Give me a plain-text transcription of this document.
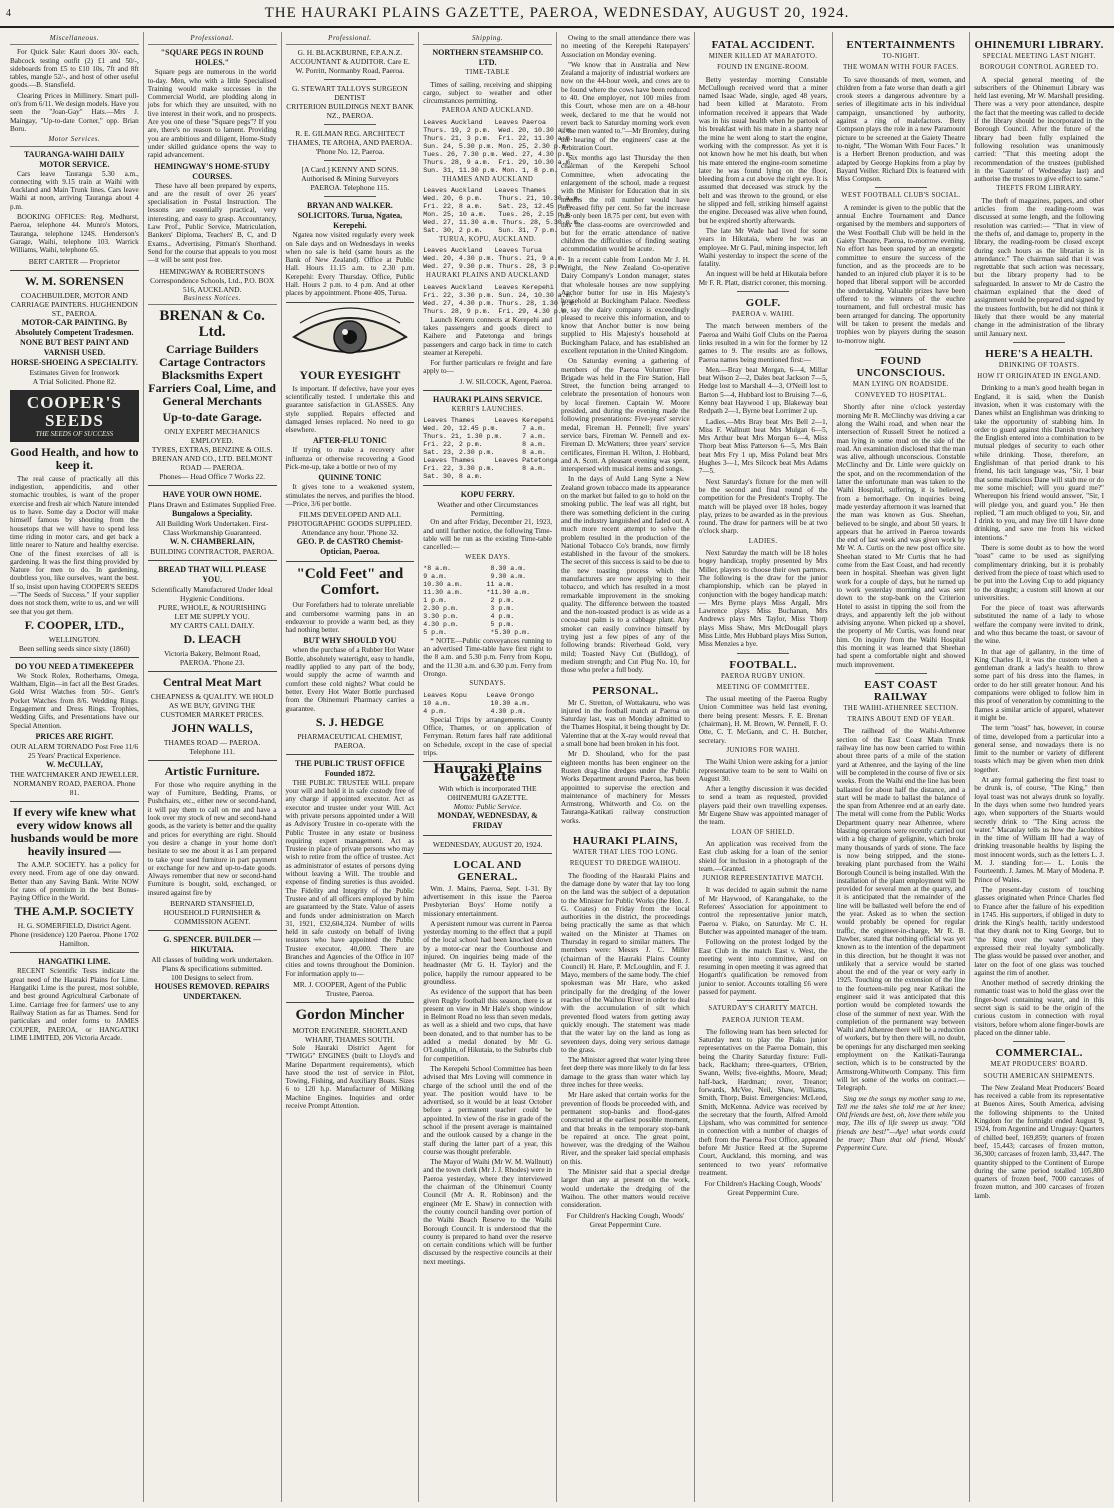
4	THE HAURAKI PLAINS GAZETTE, PAEROA, WEDNESDAY, AUGUST 20, 1924.
Miscellaneous.
For Quick Sale: Kauri doors 30/- each, Babcock testing outfit (2) £1 and 50/-, sideboards from £5 to £10 10s, 7ft and 8ft tables, mangle 52/-, and host of other useful goods.—B. Stansfield.
Clearing Prices in Millinery. Smart pull-on's from 6/11. We design models. Have you seen the "Joan-Gay" Hats.—Mrs J. Maingay, "Up-to-date Corner," opp. Brian Boru.
Motor Services.
TAURANGA-WAIHI DAILY MOTOR SERVICE.
Cars leave Tauranga 5.30 a.m., connecting with 9.15 train at Waihi with Auckland and Main Trunk lines. Cars leave Waihi at noon, arriving Tauranga about 4 p.m.
BOOKING OFFICES: Reg. Medhurst, Paeroa, telephone 44. Munro's Motors, Tauranga, telephone 124S. Henderson's Garage, Waihi, telephone 103. Warrick Williams, Waihi, telephone 65.
BERT CARTER — Proprietor
W. M. SORENSEN
COACHBUILDER, MOTOR AND CARRIAGE PAINTERS. HUGHENDON ST., PAEROA.
MOTOR-CAR PAINTING. By Absolutely Competent Tradesmen.
NONE BUT BEST PAINT AND VARNISH USED.
HORSE-SHOEING A SPECIALITY.
Estimates Given for Ironwork
A Trial Solicited. Phone 82.
COOPER'S
SEEDS
THE SEEDS OF SUCCESS
Good Health, and how to keep it.
The real cause of practically all this indigestion, appendicitis, and other stomachic troubles, is want of the proper exercise and fresh air which Nature intended us to have. Some day a Doctor will make himself famous by shouting from the housetops that we will have to spend less time riding in motor cars, and get back a little nearer to Nature and healthy exercise. One of the finest exercises of all is gardening. It was the first thing provided by Nature for men to do. In gardening, doubtless you, like ourselves, want the best. If so, insist upon having COOPER'S SEEDS—"The Seeds of Success." If your supplier does not stock them, write to us, and we will see that you get them.
F. COOPER, LTD.,
WELLINGTON.
Been selling seeds since sixty (1860)
DO YOU NEED A TIMEKEEPER
We Stock Rolex, Rotherhams, Omega, Waltham, Elgin—in fact all the Best Grades. Gold Wrist Watches from 50/-. Gent's Pocket Watches from 8/6. Wedding Rings. Engagement and Dress Rings. Trophies, Wedding Gifts, and Presentations have our Special Attention.
PRICES ARE RIGHT.
OUR ALARM TORNADO Post Free 11/6
25 Years' Practical Experience.
W. McCULLAY,
THE WATCHMAKER AND JEWELLER. NORMANBY ROAD, PAEROA. Phone 81.
If every wife knew what every widow knows all husbands would be more heavily insured —
The A.M.P. SOCIETY. has a policy for every need. From age of one day onward. Better than any Saving Bank. Write NOW for rates of premium in the best Bonus-Paying Office in the World.
THE A.M.P. SOCIETY
H. G. SOMERFIELD, District Agent.
Phone (residence) 120 Paeroa. Phone 1702 Hamilton.
HANGATIKI LIME.
RECENT Scientific Tests indicate the great need of the Hauraki Plains for Lime. Hangatiki Lime is the purest, most soluble, and best ground Agricultural Carbonate of Lime. Carriage free for farmers' use to any Railway Station as far as Thames. Send for particulars and order forms to JAMES COUPER, PAEROA, or HANGATIKI LIME LIMITED, 206 Victoria Arcade.
Professional.
"SQUARE PEGS IN ROUND HOLES."
Square pegs are numerous in the world to-day. Men, who with a little Specialised Training would make successes in the Commercial World, are plodding along in jobs for which they are unsuited, with no live interest in their work, and no prospects. Are you one of these "Square pegs"? If you are, there's no reason to lament. Providing you are ambitious and diligent, Home-Study under skilled guidance opens the way to rapid advancement.
HEMINGWAY'S HOME-STUDY COURSES.
These have all been prepared by experts, and are the result of over 26 years' specialisation in Postal Instruction. The lessons are essentially practical, very interesting, and easy to grasp. Accountancy, Law Prof., Public Service, Matriculation, Bankers' Diploma, Teachers' B, C, and D Exams., Advertising, Pitman's Shorthand. Send for the course that appeals to you most—it will be sent post free.
HEMINGWAY & ROBERTSON'S Correspondence Schools, Ltd., P.O. BOX 516, AUCKLAND.
Business Notices.
BRENAN & Co. Ltd.
Carriage Builders Cartage Contractors Blacksmiths Expert Farriers Coal, Lime, and General Merchants
Up-to-date Garage.
ONLY EXPERT MECHANICS EMPLOYED.
TYRES, EXTRAS, BENZINE & OILS.
BRENAN AND CO., LTD. BELMONT ROAD — PAEROA.
Phones— Head Office 7 Works 22.
HAVE YOUR OWN HOME.
Plans Drawn and Estimates Supplied Free.
Bungalows a Speciality.
All Building Work Undertaken. First-Class Workmanship Guaranteed.
W. N. CHAMBERLAIN,
BUILDING CONTRACTOR, PAEROA.
BREAD THAT WILL PLEASE YOU.
Scientifically Manufactured Under Ideal Hygienic Conditions.
PURE, WHOLE, & NOURISHING
LET ME SUPPLY YOU.
MY CARTS CALL DAILY.
D. LEACH
Victoria Bakery, Belmont Road, PAEROA. 'Phone 23.
Central Meat Mart
CHEAPNESS & QUALITY. WE HOLD AS WE BUY, GIVING THE CUSTOMER MARKET PRICES.
JOHN WALLS,
THAMES ROAD — PAEROA. Telephone 111.
Artistic Furniture.
For those who require anything in the way of Furniture, Bedding, Prams, or Pushchairs, etc., either new or second-hand, it will pay them to call on me and have a look over my stock of new and second-hand goods, as the variety is better and the quality and prices for everything are right. Should you desire a change in your home don't hesitate to see me about it as I am prepared to take your used furniture in part payment or exchange for new and up-to-date goods. Always remember that new or second-hand Furniture is bought, sold, exchanged, or insured against fire by
BERNARD STANSFIELD, HOUSEHOLD FURNISHER & COMMISSION AGENT.
G. SPENCER. BUILDER — HIKUTAIA.
All classes of building work undertaken. Plans & specifications submitted.
100 Designs to select from.
HOUSES REMOVED. REPAIRS UNDERTAKEN.
Professional.
G. H. BLACKBURNE, F.P.A.N.Z. ACCOUNTANT & AUDITOR. Care E. W. Porritt, Normanby Road, Paeroa.
G. STEWART TALLOYS SURGEON DENTIST
CRITERION BUILDINGS NEXT BANK NZ., PAEROA.
R. E. GILMAN REG. ARCHITECT THAMES, TE AROHA, AND PAEROA. 'Phone No. 12, Paeroa.
[A Card.] KENNY AND SONS. Authorised & Mining Surveyors PAEROA. Telephone 115.
BRYAN AND WALKER. SOLICITORS. Turua, Ngatea, Kerepehi.
Ngatea now visited regularly every week on Sale days and on Wednesdays in weeks when no sale is held (same hours as the Bank of New Zealand). Office at Public Hall. Hours 11.15 a.m. to 2.30 p.m. Kerepehi: Every Thursday. Office, Public Hall. Hours 2 p.m. to 4 p.m. And at other places by appointment. Phone 40S, Turua.
YOUR EYESIGHT
Is important. If defective, have your eyes scientifically tested. I undertake this and guarantee satisfaction in GLASSES. Any style supplied. Repairs effected and damaged lenses replaced. No need to go elsewhere.
AFTER-FLU TONIC
If trying to make a recovery after influenza or otherwise recovering a Good Pick-me-up, take a bottle or two of my
QUININE TONIC
It gives tone to a weakened system, stimulates the nerves, and purifies the blood.—Price, 3/6 per bottle.
FILMS DEVELOPED AND ALL PHOTOGRAPHIC GOODS SUPPLIED. Attendance any hour. 'Phone 32.
GEO. P. de CASTRO Chemist-Optician, Paeroa.
"Cold Feet" and Comfort.
Our Forefathers had to tolerate unreliable and cumbersome warming pans in an endeavour to provide a warm bed, as they had nothing better.
BUT WHY SHOULD YOU
when the purchase of a Rubber Hot Water Bottle, absolutely watertight, easy to handle, readily applied to any part of the body, would supply the acme of warmth and comfort these cold nights? What could be better. Every Hot Water Bottle purchased from the Ohinemuri Pharmacy carries a guarantee.
S. J. HEDGE
PHARMACEUTICAL CHEMIST, PAEROA.
THE PUBLIC TRUST OFFICE Founded 1872.
THE PUBLIC TRUSTEE WILL prepare your will and hold it in safe custody free of any charge if appointed executor. Act as executor and trustee under your Will. Act with private persons appointed under a Will as Advisory Trustee in co-operate with the Public Trustee in any estate or business requiring expert management. Act as Trustee in place of private persons who may wish to retire from the office of trustee. Act as administrator of estates of persons dying without leaving a Will. The trouble and expense of finding sureties is thus avoided. The Fidelity and Integrity of the Public Trustee and of all officers employed by him are guaranteed by the State. Value of assets and funds under administration on March 31, 1921, £32,604,324. Number of wills held in safe custody on behalf of living testators who have appointed the Public Trustee executor, 40,000. There are Branches and Agencies of the Office in 107 cities and towns throughout the Dominion. For information apply to—
MR. J. COOPER, Agent of the Public Trustee, Paeroa.
Gordon Mincher
MOTOR ENGINEER. SHORTLAND WHARF, THAMES SOUTH.
Sole Hauraki District Agent for "TWIGG" ENGINES (built to Lloyd's and Marine Department requirements), which have stood the test of service in Pilot, Towing, Fishing, and Auxiliary Boats. Sizes 6 to 120 h.p. Manufacturer of Milking Machine Engines. Inquiries and order receive Prompt Attention.
Shipping.
NORTHERN STEAMSHIP CO. LTD.
TIME-TABLE
Times of sailing, receiving and shipping cargo, subject to weather and other circumstances permitting.
PAEROA AND AUCKLAND.
Leaves Auckland   Leaves Paeroa
Thurs. 19, 2 p.m.  Wed. 20, 10.30 a.m.
Thurs. 21, 3 p.m.  Fri. 22, 11.30 a.m.
Sun. 24, 5.30 p.m. Mon. 25, 2.30 p.m.
Tues. 26, 7.30 p.m. Wed. 27, 4.30 p.m.
Thurs. 28, 9 a.m.  Fri. 29, 10.30 a.m.
Sun. 31, 11.30 p.m. Mon. 1, 8 p.m.
THAMES AND AUCKLAND
Leaves Auckland   Leaves Thames
Wed. 20, 6 p.m.    Thurs. 21, 10.30 a.m.
Fri. 22, 8 a.m.    Sat. 23, 12.45 p.m.
Mon. 25, 10 a.m.   Tues. 26, 2.15 p.m.
Wed. 27, 11.30 a.m. Thurs. 28, 5.30 p.m.
Sat. 30, 2 p.m.    Sun. 31, 7 p.m.
TURUA, KOPU, AUCKLAND.
Leaves Auckland   Leaves Turua
Wed. 20, 4.30 p.m. Thurs. 21, 9 a.m.
Wed. 27, 9.30 p.m. Thurs. 28, 3 p.m.
HAURAKI PLAINS AND AUCKLAND
Leaves Auckland   Leaves Kerepehi
Fri. 22, 3.30 p.m. Sun. 24, 10.30 a.m.
Wed. 27, 4.30 p.m. Thurs. 28, 1.30 p.m.
Thurs. 28, 9 p.m.  Fri. 29, 4.30 p.m.
Launch Kereru connects at Kerepehi and takes passengers and goods direct to Kaihere and Patetonga and brings passengers and cargo back in time to catch steamer at Kerepehi.
For further particulars re freight and fare apply to—
J. W. SILCOCK, Agent, Paeroa.
HAURAKI PLAINS SERVICE.
KERRI'S LAUNCHES.
Leaves Thames     Leaves Kerepehi
Wed. 20, 12.45 p.m.      7 a.m.
Thurs. 21, 1.30 p.m.     7 a.m.
Fri. 22, 2 p.m.          8 a.m.
Sat. 23, 2.30 p.m.       8 a.m.
Leaves Thames     Leaves Patetonga
Fri. 22, 3.30 p.m.       8 a.m.
Sat. 30, 8 a.m.
KOPU FERRY.
Weather and other Circumstances Permitting.
On and after Friday, December 21, 1923, and until further notice, the following Time-table will be run as the existing Time-table cancelled:—
WEEK DAYS.
*8 a.m.          8.30 a.m.
9 a.m.           9.30 a.m.
10.30 a.m.      11 a.m.
11.30 a.m.      *11.30 a.m.
1 p.m.           2 p.m.
2.30 p.m.        3 p.m.
3.30 p.m.        4 p.m.
4.30 p.m.        5 p.m.
5 p.m.           *5.30 p.m.
* NOTE—Public conveyances running to an advertised Time-table have first right to the 8 a.m. and 5.30 p.m. Ferry from Kopu, and the 11.30 a.m. and 6.30 p.m. Ferry from Orongo.
SUNDAYS.
Leaves Kopu     Leave Orongo
10 a.m.          10.30 a.m.
4 p.m.           4.30 p.m.
Special Trips by arrangements. County Office, Thames, or on application of Ferryman. Return fares half rate additional on Schedule, except in the case of special trips.
Hauraki Plains Gazette
With which is incorporated THE OHINEMURI GAZETTE.
Motto: Public Service.
MONDAY, WEDNESDAY, & FRIDAY
WEDNESDAY, AUGUST 20, 1924.
LOCAL AND GENERAL.
Wm. J. Mains, Paeroa, Sept. 1-31. By advertisement in this issue the Paeroa Presbyterian Boys' Home notify a missionary entertainment.
A persistent rumour was current in Paeroa yesterday morning to the effect that a pupil of the local school had been knocked down by a motor-car near the Courthouse and injured. On inquiries being made of the headmaster (Mr G. H. Taylor) and the police, happily the rumour appeared to be groundless.
As evidence of the support that has been given Rugby football this season, there is at present on view in Mr Hale's shop window in Belmont Road no less than seven medals, as well as a shield and two cups, that have been donated, and to that number has to be added a medal donated by Mr G. O'Loughlin, of Hikutaia, to the Suburbs club for competition.
The Kerepehi School Committee has been advised that Mrs Loving will commence in charge of the school until the end of the year. The position would have to be advertised, so it would be at least October before a permanent teacher could be appointed. In view of the rise in grade of the school if the present average is maintained and the outlook caused by a change in the staff during the latter part of a year, this course was thought preferable.
The Mayor of Waihi (Mr W. M. Wallnutt) and the town clerk (Mr J. J. Rhodes) were in Paeroa yesterday, where they interviewed the chairman of the Ohinemuri County Council (Mr A. R. Robinson) and the engineer (Mr E. Shaw) in connection with the county council handing over portion of the Waihi Beach Reserve to the Waihi Borough Council. It is understood that the county is prepared to hand over the reserve on certain conditions which will be further discussed by the respective councils at their next meetings.
Owing to the small attendance there was no meeting of the Kerepehi Ratepayers' Association on Monday evening.
"We know that in Australia and New Zealand a majority of industrial workers are now on the 44-hour week, and cows are to be found where the cows have been reduced to 40. One employer, not 100 miles from this Court, whose men are on a 48-hour week, declared to me that he would not revert back to Saturday morning work even if the men wanted to."—Mr Bromley, during the hearing of the engineers' case at the Arbitration Court.
Six months ago last Thursday the then chairman of the Kerepehi School Committee, when advocating the enlargement of the school, made a request with the Minister for Education that in six months the roll number would have increased fifty per cent. So far the increase has only been 18.75 per cent, but even with this the class-rooms are overcrowded and but for the erratic attendance of native children the difficulties of finding seating accommodation would be acute.
In a recent cable from London Mr J. H. Wright, the New Zealand Co-operative Dairy Company's London manager, states that wholesale houses are now supplying Anchor butter for use in His Majesty's household at Buckingham Palace. Needless to say the dairy company is exceedingly pleased to receive this information, and to know that Anchor butter is now being supplied to His Majesty's household at Buckingham Palace, and has established an excellent reputation in the United Kingdom.
On Saturday evening a gathering of members of the Paeroa Volunteer Fire Brigade was held in the Fire Station, Hall Street, the function being arranged to celebrate the presentation of honours won by local firemen. Captain W. Moore presided, and during the evening made the following presentations: Five-years' service medal, Fireman H. Pennell; five years' service bars, Fireman W. Pennell and ex-Fireman D. McWatters; three years' service certificates, Fireman H. Wilton, J. Hobbard, and A. Scott. A pleasant evening was spent, interspersed with musical items and songs.
In the days of Auld Lang Syne a New Zealand grown tobacco made its appearance on the market but failed to go to hold on the smoking public. The leaf was all right, but there was something deficient in the curing and the industry languished and faded out. A much more recent attempt to solve the problem resulted in the production of the National Tobacco Co's brands, now firmly established in the favour of the smokers. The secret of this success is said to be due to the new toasting process which the manufacturers are now applying to their tobacco, and which has resulted in a most remarkable improvement in the smoking quality. The difference between the toasted and the non-toasted product is as wide as a cocoa-nut palm is to a cabbage plant. Any smoker can easily convince himself by trying just a few pipes of any of the following brands: Riverhead Gold, very mild; Toasted Navy Cut (Bulldog), of medium strength; and Cut Plug No. 10, for those who prefer a full body.
PERSONAL.
Mr C. Stretton, of Wottakauru, who was injured in the football match at Paeroa on Saturday last, was on Monday admitted to the Thames Hospital, it being thought by Dr. Valentine that at the X-ray would reveal that a small bone had been broken in his foot.
Mr D. Shouland, who for the past eighteen months has been engineer on the Rusten drag-line dredges under the Public Works Department around Paeroa, has been appointed to supervise the erection and maintenance of machinery for Messrs Armstrong, Whitworth and Co. on the Tauranga-Katikati railway construction works.
HAURAKI PLAINS,
WATER THAT LIES TOO LONG.
REQUEST TO DREDGE WAIHOU.
The flooding of the Hauraki Plains and the damage done by water that lay too long on the land was the subject of a deputation to the Minister for Public Works (the Hon. J. G. Coates) on Friday from the local authorities in the district, the proceedings being practically the same as that which waited on the Minister at Thames on Thursday in regard to similar matters. The members were: Messrs J. C. Miller (chairman of the Hauraki Plains County Council) H. Hare, P. McLoughlin, and F. J. Mayo, members of the same body. The chief spokesman was Mr Hare, who asked principally for the dredging of the lower reaches of the Waihou River in order to deal with the accumulation of silt which prevented flood waters from getting away quickly enough. The statement was made that the water lay on the land as long as seventeen days, doing very serious damage to the grass.
The Minister agreed that water lying three feet deep there was more likely to do far less damage to the grass than water which lay three inches for three weeks.
Mr Hare asked that certain works for the prevention of floods be proceeded with, and permanent stop-banks and flood-gates constructed at the earliest possible moment, and that breaks in the temporary stop-bank be repaired at once. The great point, however, was the dredging of the Waihou River, and the speaker laid special emphasis on this.
The Minister said that a special dredge larger than any at present on the work, would undertake the dredging of the Waihou. The other matters would receive consideration.
For Children's Hacking Cough, Woods' Great Peppermint Cure.
FATAL ACCIDENT.
MINER KILLED AT MARATOTO.
FOUND IN ENGINE-ROOM.
Betty yesterday morning Constable McCullough received word that a miner named Isaac Wade, single, aged 48 years, had been killed at Maratoto. From information received it appears that Wade was in his usual health when he partook of his breakfast with his mate in a shanty near the mine he went along to start the engine, working with the compressor. As yet it is not known how he met his death, but when his mate entered the engine-room sometime later he was found lying on the floor, bleeding from a cut above the right eye. It is assumed that deceased was struck by the belt and was thrown to the ground, or else he slipped and fell, striking himself against the engine. Deceased was alive when found, but he expired shortly afterwards.
The late Mr Wade had lived for some years in Hikutaia, where he was an employee. Mr G. Paul, mining inspector, left Waihi yesterday to inspect the scene of the fatality.
An inquest will be held at Hikutaia before Mr F. R. Platt, district coroner, this morning.
GOLF.
PAEROA v. WAIHI.
The match between members of the Paeroa and Waihi Golf Clubs on the Paeroa links resulted in a win for the former by 12 games to 9. The results are as follows, Paeroa names being mentioned first:—
Men.—Bray beat Morgan, 6—4, Millar beat Wilson 2—2, Dales beat Jackson 7—5, Hedge lost to Marshall 4—3, O'Neill lost to Barton 5—4, Hubbard lost to Bruising 7—6, Kenny beat Haywood 1 up, Blakeway beat Redpath 2—1, Byrne beat Lorrimer 2 up.
Ladies.—Mrs Bray beat Mrs Bell 2—1, Miss F. Wallnutt beat Mrs Mulgan 6—5, Mrs Arthur beat Mrs Morgan 6—4, Miss Thorp beat Miss Patterson 6—5, Mrs Bain beat Mrs Fry 1 up, Miss Poland beat Mrs Hughes 3—1, Mrs Silcock beat Mrs Adams 7—5.
Next Saturday's fixture for the men will be the second and final round of the competition for the President's Trophy. The match will be played over 18 holes, bogey play, prizes to be awarded as in the previous round. The draw for partners will be at two o'clock sharp.
LADIES.
Next Saturday the match will be 18 holes bogey handicap, trophy presented by Mrs Miller, players to choose their own partners. The following is the draw for the junior championship, which can be played in conjunction with the bogey handicap match:— Mrs Byrne plays Miss Argall, Mrs Lawrence plays Miss Buchanan, Mrs Andrews plays Mrs Taylor, Miss Thorp plays Miss Shaw, Mrs McDougall plays Miss Little, Mrs Hubbard plays Miss Sutton, Miss Menzies a bye.
FOOTBALL.
PAEROA RUGBY UNION.
MEETING OF COMMITTEE.
The usual meeting of the Paeroa Rugby Union Committee was held last evening, there being present: Messrs. F. E. Brenan (chairman), H. M. Brown, W. Pennell, F. O. Otte, C. T. McGann, and C. H. Butcher, secretary.
JUNIORS FOR WAIHI.
The Waihi Union were asking for a junior representative team to be sent to Waihi on August 30.
After a lengthy discussion it was decided to send a team as requested, provided players paid their own travelling expenses. Mr Eugene Shaw was appointed manager of the team.
LOAN OF SHIELD.
An application was received from the East club asking for a loan of the senior shield for inclusion in a photograph of the team.—Granted.
JUNIOR REPRESENTATIVE MATCH.
It was decided to again submit the name of Mr Haywood, of Karangahake, to the Referees' Association for appointment to control the representative junior match, Paeroa v. Piako, on Saturday. Mr C. H. Butcher was appointed manager of the team.
Following on the protest lodged by the East Club in the match East v. West, the meeting went into committee, and on resuming in open meeting it was agreed that Hogarth's qualification be removed from junior to senior. Accounts totalling £6 were passed for payment.
SATURDAY'S CHARITY MATCH.
PAEROA JUNIOR TEAM.
The following team has been selected for Saturday next to play the Piako junior representatives on the Paeroa Domain, this being the Charity Saturday fixture: Full-back, Rackham; three-quarters, O'Brien, Swann, Wells; five-eighths, Moore, Mead; half-back, Hardman; rover, Treanor; forwards, McVee, Neil, Shaw, Williams, Smith, Thorp, Buist. Emergencies: McLeod, Smith, McKenna. Advice was received by the secretary that the fourth, Alfred Arnold Lipsham, who was committed for sentence in connection with a number of charges of theft from the Paeroa Post Office, appeared before Mr Justice Reed at the Supreme Court, Auckland, this morning, and was sentenced to two years' reformative treatment.
For Children's Hacking Cough, Woods' Great Peppermint Cure.
ENTERTAINMENTS
TO-NIGHT.
THE WOMAN WITH FOUR FACES.
To save thousands of men, women, and children from a fate worse than death a girl crook steers a dangerous adventure by a series of illegitimate acts in his individual campaign, unsanctioned by authority, against a ring of malefactors. Betty Compson plays the role in a new Paramount picture to be screened at the Gaiety Theatre to-night, "The Woman With Four Faces." It is a Herbert Brenon production, and was adapted by George Hopkins from a play by Bayard Veiller. Richard Dix is featured with Miss Compson.
WEST FOOTBALL CLUB'S SOCIAL.
A reminder is given to the public that the annual Euchre Tournament and Dance organised by the members and supporters of the West Football Club will be held in the Gaiety Theatre, Paeroa, to-morrow evening. No effort has been spared by an energetic committee to ensure the success of the function, and as the proceeds are to be handed to an injured club player it is to be hoped that liberal support will be accorded the undertaking. Valuable prizes have been offered to the winners of the euchre tournament, and full orchestral music has been arranged for dancing. The opportunity will be taken to present the medals and trophies won by players during the season to-morrow night.
FOUND UNCONSCIOUS.
MAN LYING ON ROADSIDE.
CONVEYED TO HOSPITAL.
Shortly after nine o'clock yesterday morning Mr R. McClinchy was driving a car along the Waihi road, and when near the intersection of Russell Street he noticed a man lying in some mud on the side of the road. An examination disclosed that the man was alive, although unconscious. Constable McClinchy and Dr. Little were quickly on the spot, and on the recommendation of the latter the unfortunate man was taken to the Waihi Hospital, suffering, it is believed, from a hemorrhage. On inquiries being made yesterday afternoon it was learned that the man was known as Gus. Sheehan, believed to be single, and about 50 years. It appears that he arrived in Paeroa towards the end of last week and was given work by Mr W. A. Curtis on the new post office site. Sheehan stated to Mr Curtis that he had come from the East Coast, and had recently been in hospital. Sheehan was given light work for a couple of days, but he turned up to work yesterday morning and was sent down to the stop-bank on the Criterion Hotel to assist in tipping the soil from the drays, and apparently left the job without advising anyone. When picked up a shovel, the property of Mr Curtis, was found near him. On inquiry from the Waihi Hospital this morning it was learned that Sheehan had spent a comfortable night and showed much improvement.
EAST COAST RAILWAY
THE WAIHI-ATHENREE SECTION.
TRAINS ABOUT END OF YEAR.
The railhead of the Waihi-Athenree section of the East Coast Main Trunk railway line has now been carried to within about three parts of a mile of the station yard at Athenree, and the laying of the line will be completed in the course of five or six weeks. From the Waihi end the line has been ballasted for about half the distance, and a start will be made to ballast the balance of the span from Athenree end at an early date. The metal will come from the Public Works Department quarry near Athenree, where blasting operations were recently carried out with a big charge of gelignite, which broke many thousands of yards of stone. The face is now being stripped, and the stone-breaking plant purchased from the Waihi Borough Council is being installed. With the installation of the plant employment will be provided for several men at the quarry, and it is anticipated that the remainder of the line will be ballasted well before the end of the year. Asked as to when the section would probably be opened for regular traffic, the engineer-in-charge, Mr R. B. Dawber, stated that nothing official was yet known as to the intention of the department in this direction, but he thought it was not unlikely that a service would be started about the end of the year or very early in 1925. Touching on the extension of the line to the fourteen-mile peg near Katikati the engineer said it was anticipated that this portion would be completed towards the close of the summer of next year. With the completion of the permanent way between Waihi and Athenree there will be a reduction of workers, but by then there will, no doubt, be openings for any discharged men seeking employment on the Katikati-Tauranga section, which is to be constructed by the Armstrong-Whitworth Company. This firm will let some of the works on contract.—Telegraph.
Sing me the songs my mother sang to me, Tell me the tales she told me at her knee; Old friends are best, oh, love them while you may, The ills of life sweep us away. "Old friends are best!"—Aye! what words could be truer; Than that old friend, Woods' Peppermint Cure.
OHINEMURI LIBRARY.
SPECIAL MEETING LAST NIGHT.
BOROUGH CONTROL AGREED TO.
A special general meeting of the subscribers of the Ohinemuri Library was held last evening, Mr W. Marshall presiding. There was a very poor attendance, despite the fact that the meeting was called to decide if the library should be incorporated in the Borough Council. After the future of the library had been fully explained the following resolution was unanimously carried: "That this meeting adopt the recommendation of the trustees (published in the 'Gazette' of Wednesday last) and authorise the trustees to give effect to same."
THEFTS FROM LIBRARY.
The theft of magazines, papers, and other articles from the reading-room was discussed at some length, and the following resolution was carried:— "That in view of the thefts of, and damage to, property in the library, the reading-room be closed except during such hours as the librarian is in attendance." The chairman said that it was regrettable that such action was necessary, but the library property had to be safeguarded. In answer to Mr de Castro the chairman explained that the deed of assignment would be prepared and signed by the trustees forthwith, but he did not think it likely that there would be any material change in the administration of the library until January next.
HERE'S A HEALTH.
DRINKING OF TOASTS.
HOW IT ORIGINATED IN ENGLAND.
Drinking to a man's good health began in England, it is said, when the Danish invasion, when it was customary with the Danes whilst an Englishman was drinking to take the opportunity of stabbing him. In order to guard against this Danish treachery the English entered into a combination to be mutual pledges of security to each other while drinking. Those, therefore, an Englishman of that period drank to his friend, his tacit language was, "Sir, I bear that some malicious Dane will stab me or do me some mischief; will you guard me?" Whereupon his friend would answer, "Sir, I will pledge you, and guard you." He then replied, "I am much obliged to you, Sir, and I drink to you, and may live till I have done drinking, and save me from his wicked intentions."
There is some doubt as to how the word "toast" came to be used as signifying complimentary drinking, but it is probably derived from the piece of toast which used to be put into the Loving Cup to add piquancy to the draught; a custom still known at our universities.
For the piece of toast was afterwards substituted the name of a lady to whose welfare the company were invited to drink, and who thus became the toast, or savour of the wine.
In that age of gallantry, in the time of King Charles II, it was the custom when a gentleman drank a lady's health to throw some part of his dress into the flames, in order to do her still greater honour. And his companions were obliged to follow him in this proof of veneration by committing to the flames a similar article of apparel, whatever it might be.
The term "toast" has, however, in course of time, developed from a particular into a general sense, and nowadays there is no limit to the number or variety of different toasts which may be given when men drink together.
At any formal gathering the first toast to be drunk is, of course, "The King," then loyal toast was not always drunk so loyally. In the days when some two hundred years ago, when supporters of the Stuarts would secretly drink to "The King across the water." Macaulay tells us how the Jacobites in the time of William III had a way of drinking treasonable healths by lisping the most innocent words, such as the letters L. J. M. J. standing for:— L. Louis the Fourteenth. J. James. M. Mary of Modena. P. Prince of Wales.
The present-day custom of touching glasses originated when Prince Charles fled to France after the failure of his expedition in 1745. His supporters, if obliged in duty to drink the King's health, tacitly understood that they drank not to King George, but to "the King over the water" and they expressed their real loyalty symbolically. The glass would be passed over another, and later on the foot of one glass was touched against the rim of another.
Another method of secretly drinking the romantic toast was to hold the glass over the finger-bowl containing water, and in this secret sign is said to be the origin of the curious custom in connection with royal visitors, before whom alone finger-bowls are placed on the dinner table.
COMMERCIAL.
MEAT PRODUCERS' BOARD.
SOUTH AMERICAN SHIPMENTS.
The New Zealand Meat Producers' Board has received a cable from its representative at Buenos Aires, South America, advising the following shipments to the United Kingdom for the fortnight ended August 9, 1924, from Argentine and Uruguay: Quarters of chilled beef, 169,859; quarters of frozen beef, 15,443; carcases of frozen mutton, 36,300; carcases of frozen lamb, 33,447. The quantity shipped to the Continent of Europe during the same period totalled 105,800 quarters of frozen beef, 7000 carcases of frozen mutton, and 300 carcases of frozen lamb.
